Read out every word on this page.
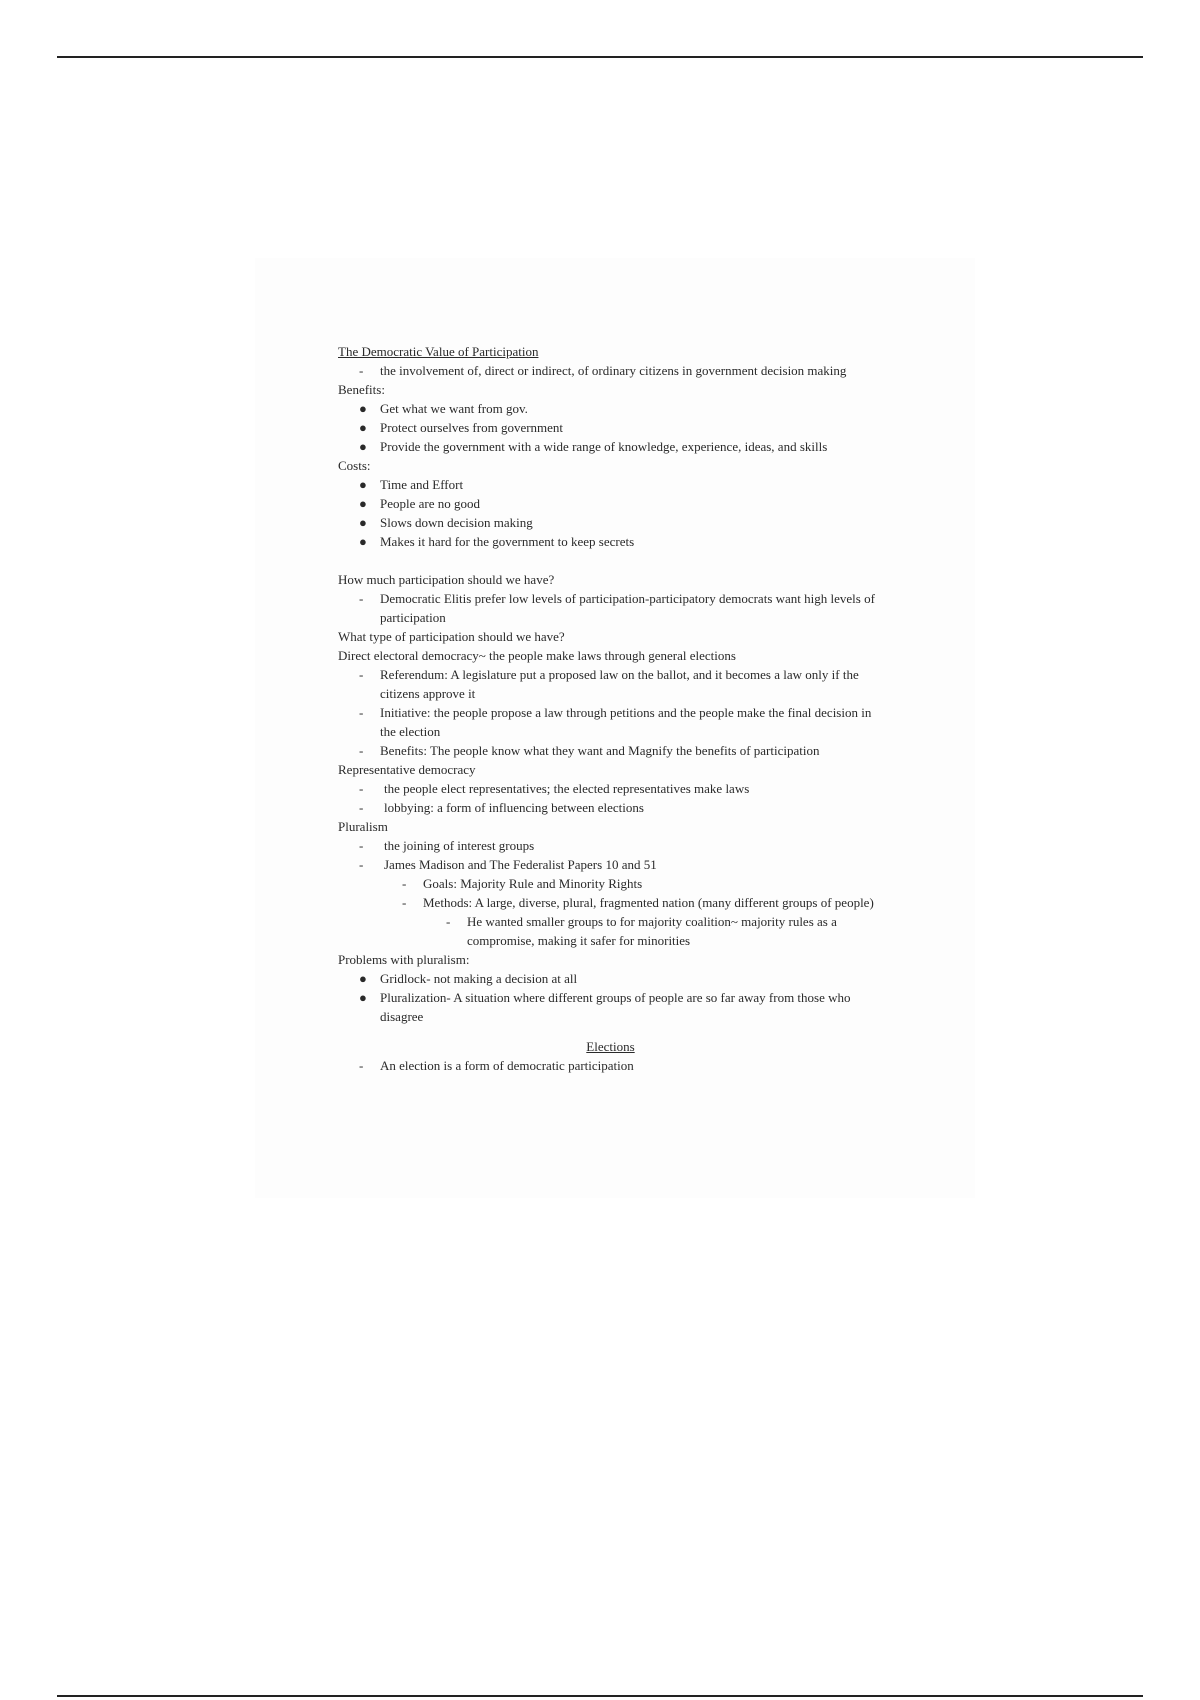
The Democratic Value of Participation
- the involvement of, direct or indirect, of ordinary citizens in government decision making
Benefits:
● Get what we want from gov.
● Protect ourselves from government
● Provide the government with a wide range of knowledge, experience, ideas, and skills
Costs:
● Time and Effort
● People are no good
● Slows down decision making
● Makes it hard for the government to keep secrets
How much participation should we have?
- Democratic Elitis prefer low levels of participation-participatory democrats want high levels of participation
What type of participation should we have?
Direct electoral democracy~ the people make laws through general elections
- Referendum: A legislature put a proposed law on the ballot, and it becomes a law only if the citizens approve it
- Initiative: the people propose a law through petitions and the people make the final decision in the election
- Benefits: The people know what they want and Magnify the benefits of participation
Representative democracy
- the people elect representatives; the elected representatives make laws
- lobbying: a form of influencing between elections
Pluralism
- the joining of interest groups
- James Madison and The Federalist Papers 10 and 51
- Goals: Majority Rule and Minority Rights
- Methods: A large, diverse, plural, fragmented nation (many different groups of people)
- He wanted smaller groups to for majority coalition~ majority rules as a compromise, making it safer for minorities
Problems with pluralism:
● Gridlock- not making a decision at all
● Pluralization- A situation where different groups of people are so far away from those who disagree
Elections
- An election is a form of democratic participation
